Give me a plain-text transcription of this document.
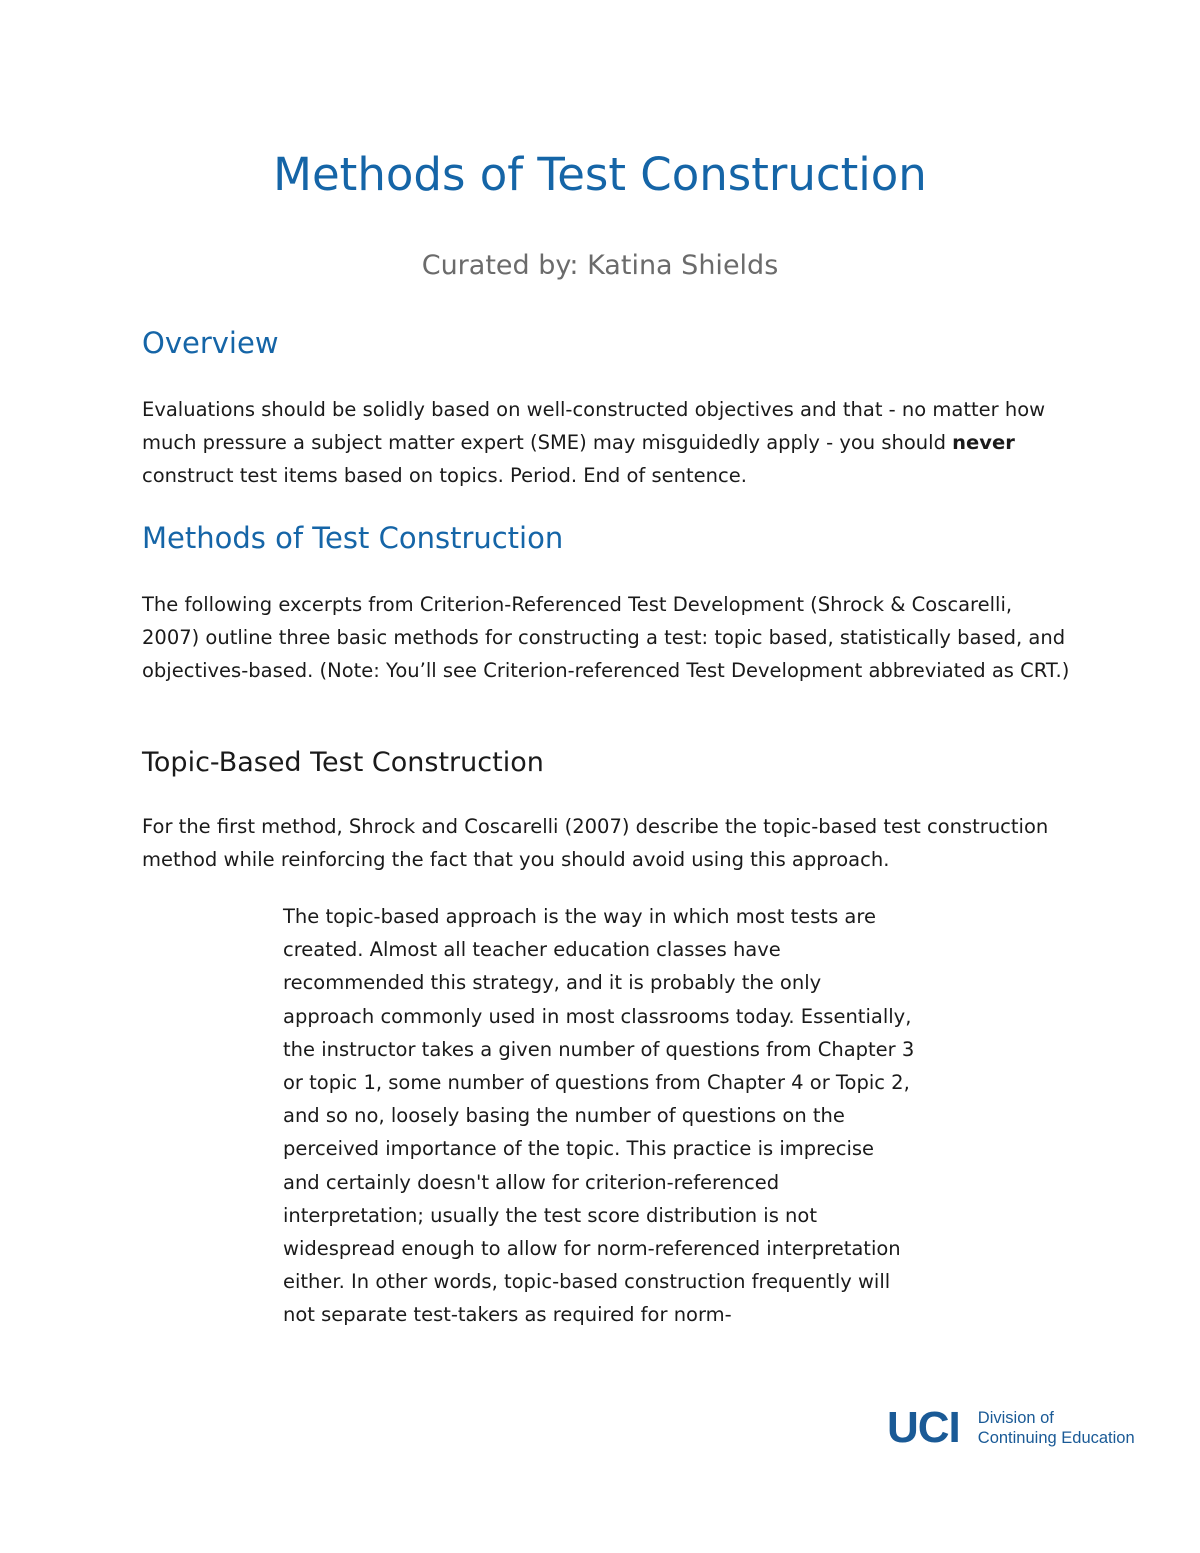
Methods of Test Construction
Curated by: Katina Shields
Overview

Evaluations should be solidly based on well-constructed objectives and that - no matter how much pressure a subject matter expert (SME) may misguidedly apply - you should never construct test items based on topics. Period. End of sentence.

Methods of Test Construction

The following excerpts from Criterion-Referenced Test Development (Shrock & Coscarelli, 2007) outline three basic methods for constructing a test: topic based, statistically based, and objectives-based. (Note: You’ll see Criterion-referenced Test Development abbreviated as CRT.)

Topic-Based Test Construction

For the first method, Shrock and Coscarelli (2007) describe the topic-based test construction method while reinforcing the fact that you should avoid using this approach.

The topic-based approach is the way in which most tests are created. Almost all teacher education classes have recommended this strategy, and it is probably the only approach commonly used in most classrooms today. Essentially, the instructor takes a given number of questions from Chapter 3 or topic 1, some number of questions from Chapter 4 or Topic 2, and so no, loosely basing the number of questions on the perceived importance of the topic. This practice is imprecise and certainly doesn't allow for criterion-referenced interpretation; usually the test score distribution is not widespread enough to allow for norm-referenced interpretation either. In other words, topic-based construction frequently will not separate test-takers as required for norm-
UCI Division of
Continuing Education
